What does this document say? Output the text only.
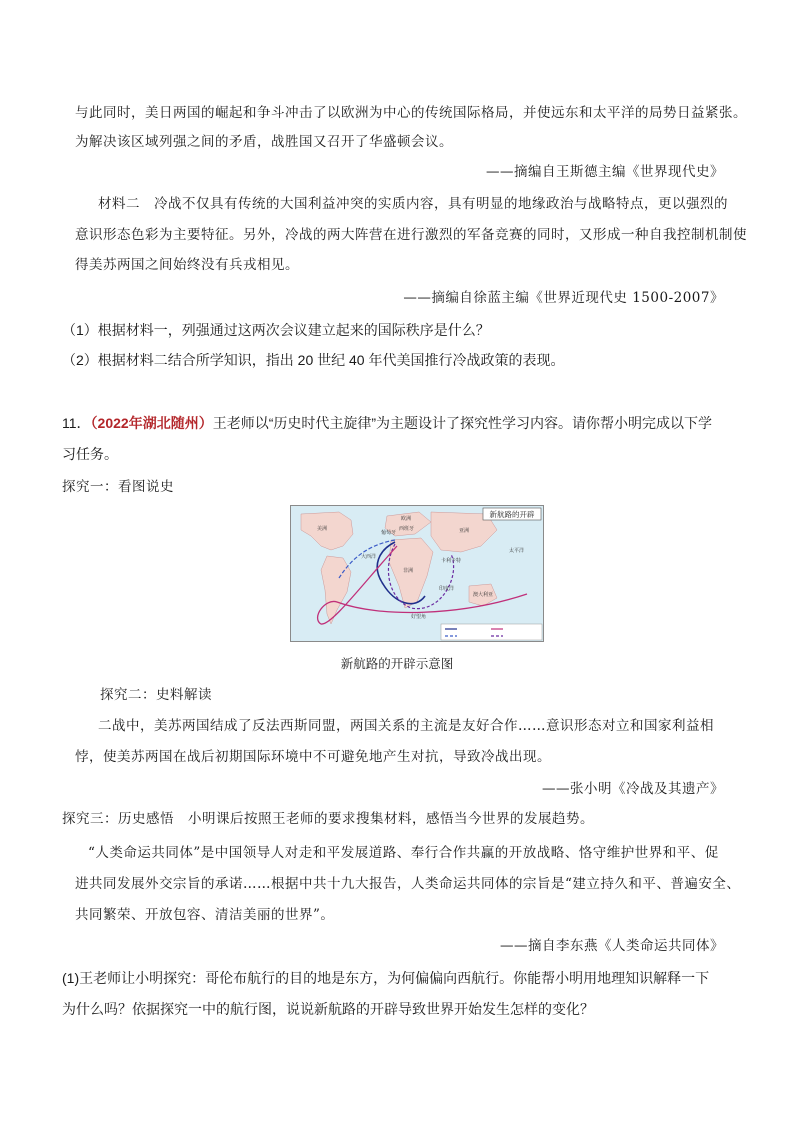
与此同时，美日两国的崛起和争斗冲击了以欧洲为中心的传统国际格局，并使远东和太平洋的局势日益紧张。
为解决该区域列强之间的矛盾，战胜国又召开了华盛顿会议。
——摘编自王斯德主编《世界现代史》
材料二　冷战不仅具有传统的大国利益冲突的实质内容，具有明显的地缘政治与战略特点，更以强烈的
意识形态色彩为主要特征。另外，冷战的两大阵营在进行激烈的军备竞赛的同时，又形成一种自我控制机制使
得美苏两国之间始终没有兵戎相见。
——摘编自徐蓝主编《世界近现代史 1500-2007》
（1）根据材料一，列强通过这两次会议建立起来的国际秩序是什么？
（2）根据材料二结合所学知识，指出 20 世纪 40 年代美国推行冷战政策的表现。
11．（2022年湖北随州）王老师以“历史时代主旋律”为主题设计了探究性学习内容。请你帮小明完成以下学
习任务。
探究一：看图说史
新航路的开辟
葡萄牙
西班牙
大西洋
好望角
印度洋
太平洋
美洲	亚洲
非洲
欧洲
卡利卡特
澳大利亚
新航路的开辟示意图
探究二：史料解读
二战中，美苏两国结成了反法西斯同盟，两国关系的主流是友好合作……意识形态对立和国家利益相
悖，使美苏两国在战后初期国际环境中不可避免地产生对抗，导致冷战出现。
——张小明《冷战及其遗产》
探究三：历史感悟　小明课后按照王老师的要求搜集材料，感悟当今世界的发展趋势。
“人类命运共同体”是中国领导人对走和平发展道路、奉行合作共赢的开放战略、恪守维护世界和平、促
进共同发展外交宗旨的承诺……根据中共十九大报告，人类命运共同体的宗旨是“建立持久和平、普遍安全、
共同繁荣、开放包容、清洁美丽的世界”。
——摘自李东燕《人类命运共同体》
(1)王老师让小明探究：哥伦布航行的目的地是东方，为何偏偏向西航行。你能帮小明用地理知识解释一下
为什么吗？依据探究一中的航行图，说说新航路的开辟导致世界开始发生怎样的变化？
